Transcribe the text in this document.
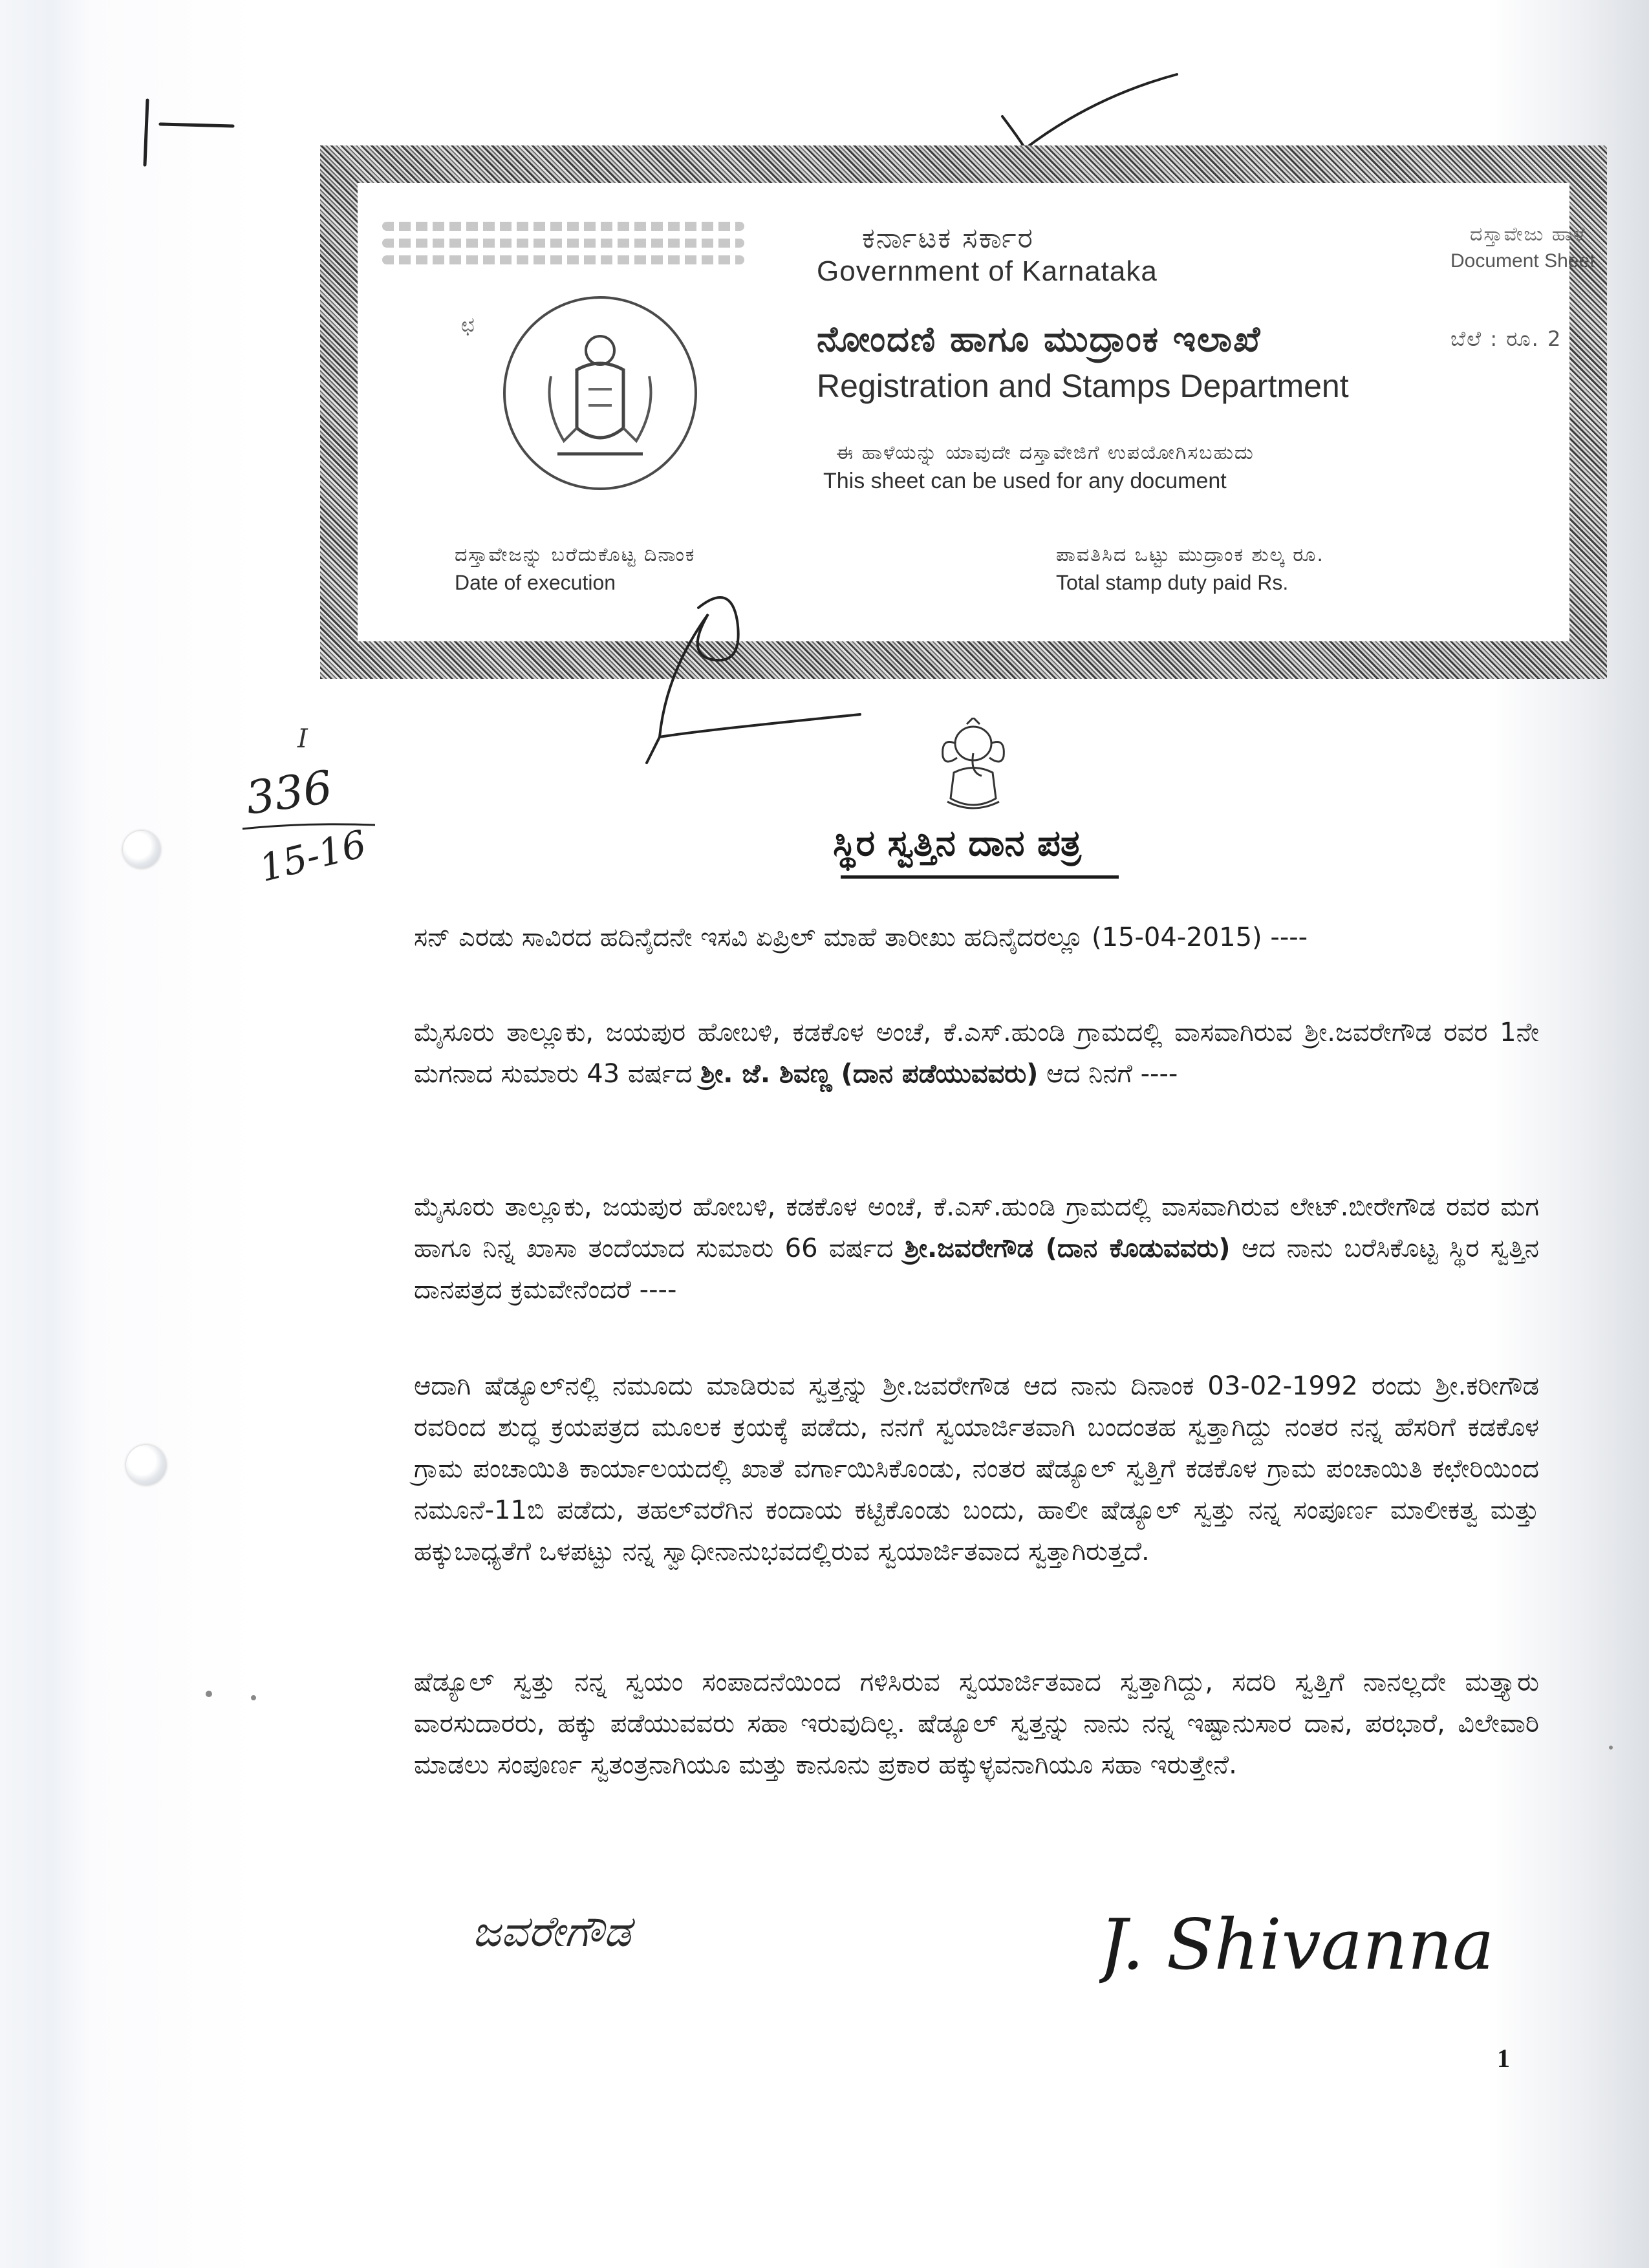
ಕರ್ನಾಟಕ ಸರ್ಕಾರ
Government of Karnataka
ದಸ್ತಾವೇಜು ಹಾಳೆ
Document Sheet
ಛ	ನೋಂದಣಿ ಹಾಗೂ ಮುದ್ರಾಂಕ ಇಲಾಖೆ
Registration and Stamps Department
ಬೆಲೆ : ರೂ. 2
ಈ ಹಾಳೆಯನ್ನು ಯಾವುದೇ ದಸ್ತಾವೇಜಿಗೆ ಉಪಯೋಗಿಸಬಹುದು
This sheet can be used for any document
ದಸ್ತಾವೇಜನ್ನು ಬರೆದುಕೊಟ್ಟ ದಿನಾಂಕ
Date of execution
ಪಾವತಿಸಿದ ಒಟ್ಟು ಮುದ್ರಾಂಕ ಶುಲ್ಕ ರೂ.
Total stamp duty paid Rs.
I
336
15-16	ಸ್ಥಿರ ಸ್ವತ್ತಿನ ದಾನ ಪತ್ರ
ಸನ್ ಎರಡು ಸಾವಿರದ ಹದಿನೈದನೇ ಇಸವಿ ಏಪ್ರಿಲ್ ಮಾಹೆ ತಾರೀಖು ಹದಿನೈದರಲ್ಲೂ (15-04-2015) ----
ಮೈಸೂರು ತಾಲ್ಲೂಕು, ಜಯಪುರ ಹೋಬಳಿ, ಕಡಕೊಳ ಅಂಚೆ, ಕೆ.ಎಸ್.ಹುಂಡಿ ಗ್ರಾಮದಲ್ಲಿ ವಾಸವಾಗಿರುವ ಶ್ರೀ.ಜವರೇಗೌಡ ರವರ 1ನೇ ಮಗನಾದ ಸುಮಾರು 43 ವರ್ಷದ ಶ್ರೀ. ಜೆ. ಶಿವಣ್ಣ (ದಾನ ಪಡೆಯುವವರು) ಆದ ನಿನಗೆ ----
ಮೈಸೂರು ತಾಲ್ಲೂಕು, ಜಯಪುರ ಹೋಬಳಿ, ಕಡಕೊಳ ಅಂಚೆ, ಕೆ.ಎಸ್.ಹುಂಡಿ ಗ್ರಾಮದಲ್ಲಿ ವಾಸವಾಗಿರುವ ಲೇಟ್.ಬೀರೇಗೌಡ ರವರ ಮಗ ಹಾಗೂ ನಿನ್ನ ಖಾಸಾ ತಂದೆಯಾದ ಸುಮಾರು 66 ವರ್ಷದ ಶ್ರೀ.ಜವರೇಗೌಡ (ದಾನ ಕೊಡುವವರು) ಆದ ನಾನು ಬರೆಸಿಕೊಟ್ಟ ಸ್ಥಿರ ಸ್ವತ್ತಿನ ದಾನಪತ್ರದ ಕ್ರಮವೇನೆಂದರೆ ----
ಆದಾಗಿ ಷೆಡ್ಯೂಲ್‌ನಲ್ಲಿ ನಮೂದು ಮಾಡಿರುವ ಸ್ವತ್ತನ್ನು ಶ್ರೀ.ಜವರೇಗೌಡ ಆದ ನಾನು ದಿನಾಂಕ 03-02-1992 ರಂದು ಶ್ರೀ.ಕರೀಗೌಡ ರವರಿಂದ ಶುದ್ಧ ಕ್ರಯಪತ್ರದ ಮೂಲಕ ಕ್ರಯಕ್ಕೆ ಪಡೆದು, ನನಗೆ ಸ್ವಯಾರ್ಜಿತವಾಗಿ ಬಂದಂತಹ ಸ್ವತ್ತಾಗಿದ್ದು ನಂತರ ನನ್ನ ಹೆಸರಿಗೆ ಕಡಕೊಳ ಗ್ರಾಮ ಪಂಚಾಯಿತಿ ಕಾರ್ಯಾಲಯದಲ್ಲಿ ಖಾತೆ ವರ್ಗಾಯಿಸಿಕೊಂಡು, ನಂತರ ಷೆಡ್ಯೂಲ್ ಸ್ವತ್ತಿಗೆ ಕಡಕೊಳ ಗ್ರಾಮ ಪಂಚಾಯಿತಿ ಕಛೇರಿಯಿಂದ ನಮೂನೆ-11ಬಿ ಪಡೆದು, ತಹಲ್‌ವರೆಗಿನ ಕಂದಾಯ ಕಟ್ಟಿಕೊಂಡು ಬಂದು, ಹಾಲೀ ಷೆಡ್ಯೂಲ್ ಸ್ವತ್ತು ನನ್ನ ಸಂಪೂರ್ಣ ಮಾಲೀಕತ್ವ ಮತ್ತು ಹಕ್ಕುಬಾಧ್ಯತೆಗೆ ಒಳಪಟ್ಟು ನನ್ನ ಸ್ವಾಧೀನಾನುಭವದಲ್ಲಿರುವ ಸ್ವಯಾರ್ಜಿತವಾದ ಸ್ವತ್ತಾಗಿರುತ್ತದೆ.
ಷೆಡ್ಯೂಲ್ ಸ್ವತ್ತು ನನ್ನ ಸ್ವಯಂ ಸಂಪಾದನೆಯಿಂದ ಗಳಿಸಿರುವ ಸ್ವಯಾರ್ಜಿತವಾದ ಸ್ವತ್ತಾಗಿದ್ದು, ಸದರಿ ಸ್ವತ್ತಿಗೆ ನಾನಲ್ಲದೇ ಮತ್ತ್ಯಾರು ವಾರಸುದಾರರು, ಹಕ್ಕು ಪಡೆಯುವವರು ಸಹಾ ಇರುವುದಿಲ್ಲ. ಷೆಡ್ಯೂಲ್ ಸ್ವತ್ತನ್ನು ನಾನು ನನ್ನ ಇಷ್ಟಾನುಸಾರ ದಾನ, ಪರಭಾರೆ, ವಿಲೇವಾರಿ ಮಾಡಲು ಸಂಪೂರ್ಣ ಸ್ವತಂತ್ರನಾಗಿಯೂ ಮತ್ತು ಕಾನೂನು ಪ್ರಕಾರ ಹಕ್ಕುಳ್ಳವನಾಗಿಯೂ ಸಹಾ ಇರುತ್ತೇನೆ.
ಜವರೇಗೌಡ	J. Shivanna
1
